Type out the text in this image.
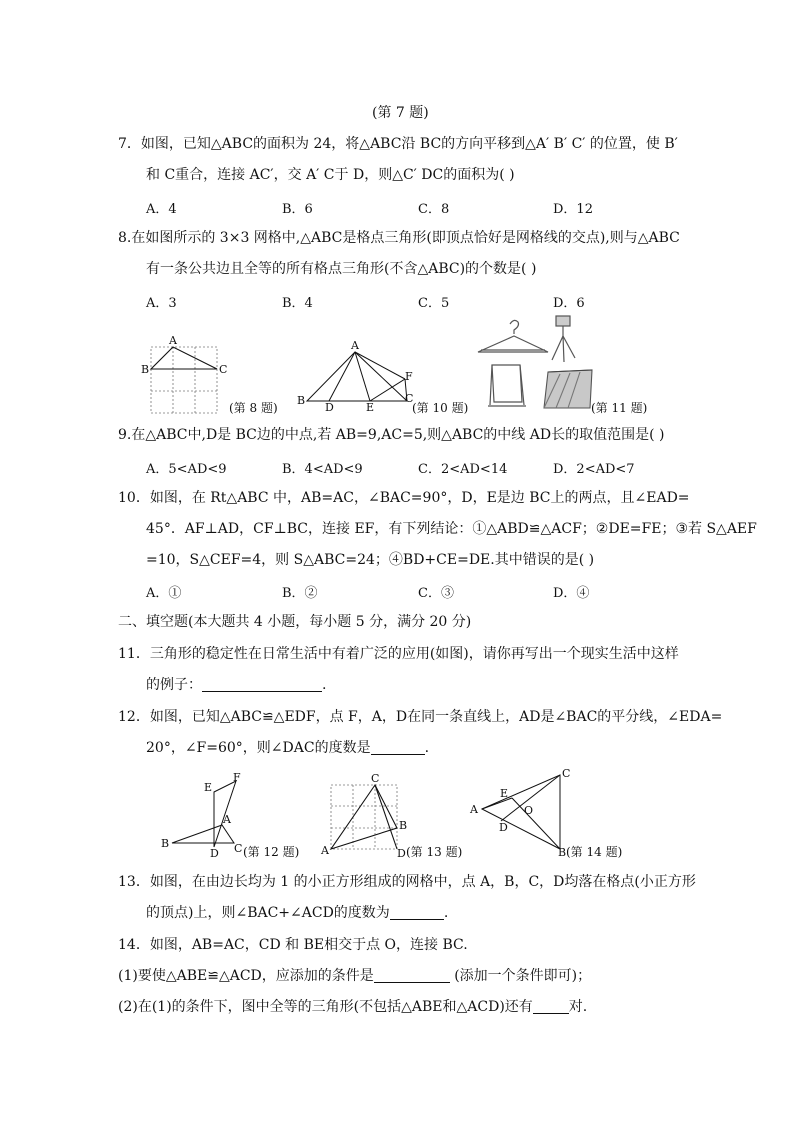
(第 7 题)
7．如图，已知△ABC的面积为 24，将△ABC沿 BC的方向平移到△A′ B′ C′ 的位置，使 B′
和 C重合，连接 AC′，交 A′ C于 D，则△C′ DC的面积为( )
A．4	B．6	C．8	D．12
8.在如图所示的 3×3 网格中,△ABC是格点三角形(即顶点恰好是网格线的交点),则与△ABC
有一条公共边且全等的所有格点三角形(不含△ABC)的个数是( )
A．3	B．4	C．5	D．6
A
B	C
(第 8 题)
A
B
D	E
F
C
(第 10 题)	(第 11 题)
9.在△ABC中,D是 BC边的中点,若 AB=9,AC=5,则△ABC的中线 AD长的取值范围是( )
A．5<AD<9	B．4<AD<9	C．2<AD<14	D．2<AD<7
10．如图，在 Rt△ABC 中，AB=AC，∠BAC=90°，D，E是边 BC上的两点，且∠EAD=
45°．AF⊥AD，CF⊥BC，连接 EF，有下列结论：①△ABD≌△ACF；②DE=FE；③若 S△AEF
=10，S△CEF=4，则 S△ABC=24；④BD+CE=DE.其中错误的是( )
A．①	B．②	C．③	D．④
二、填空题(本大题共 4 小题，每小题 5 分，满分 20 分)
11．三角形的稳定性在日常生活中有着广泛的应用(如图)，请你再写出一个现实生活中这样
的例子：	.
12．如图，已知△ABC≌△EDF，点 F，A，D在同一条直线上，AD是∠BAC的平分线，∠EDA=
20°，∠F=60°，则∠DAC的度数是	.
E
F
A
B
D C (第 12 题)
C
B
A	D (第 13 题)
C
A
E
O
D
B (第 14 题)
13．如图，在由边长均为 1 的小正方形组成的网格中，点 A，B，C，D均落在格点(小正方形
的顶点)上，则∠BAC+∠ACD的度数为	.
14．如图，AB=AC，CD 和 BE相交于点 O，连接 BC.
(1)要使△ABE≌△ACD，应添加的条件是	(添加一个条件即可)；
(2)在(1)的条件下，图中全等的三角形(不包括△ABE和△ACD)还有	对.
